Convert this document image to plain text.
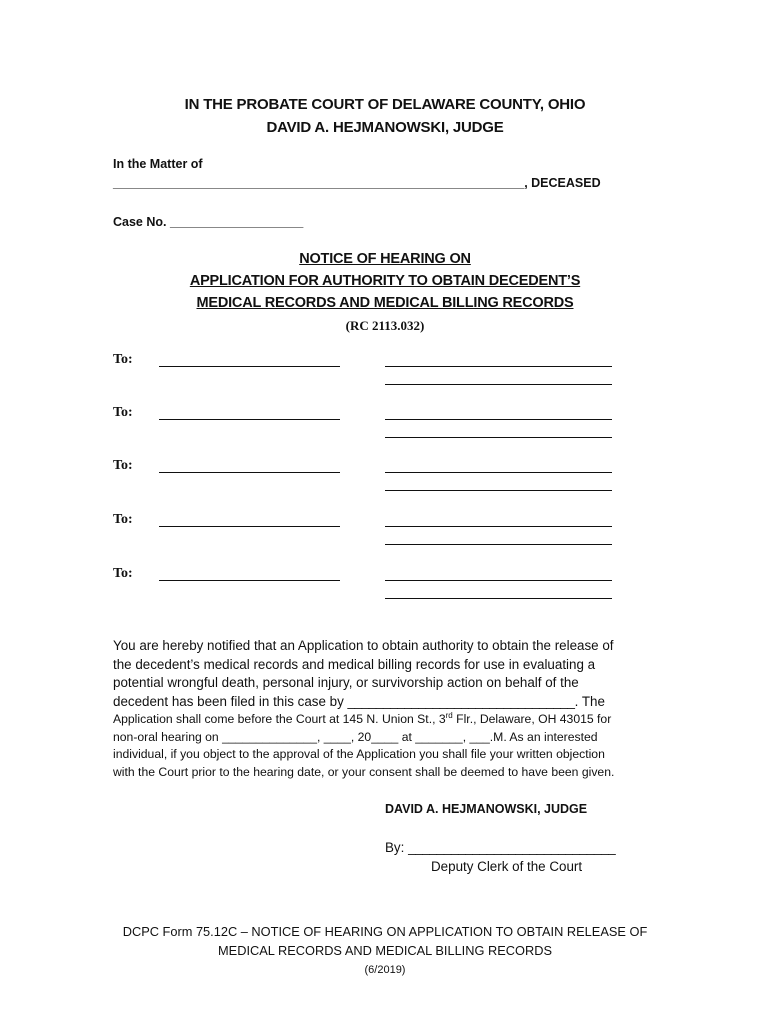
IN THE PROBATE COURT OF DELAWARE COUNTY, OHIO
DAVID A. HEJMANOWSKI, JUDGE
In the Matter of
______________________________________________________________, DECEASED
Case No. ____________________
NOTICE OF HEARING ON
APPLICATION FOR AUTHORITY TO OBTAIN DECEDENT’S
MEDICAL RECORDS AND MEDICAL BILLING RECORDS
(RC 2113.032)
To:
To:
To:
To:
To:
You are hereby notified that an Application to obtain authority to obtain the release of
the decedent’s medical records and medical billing records for use in evaluating a
potential wrongful death, personal injury, or survivorship action on behalf of the
decedent has been filed in this case by ________________________________. The
Application shall come before the Court at 145 N. Union St., 3rd Flr., Delaware, OH 43015 for
non-oral hearing on ______________, ____, 20____ at _______, ___.M. As an interested
individual, if you object to the approval of the Application you shall file your written objection
with the Court prior to the hearing date, or your consent shall be deemed to have been given.
DAVID A. HEJMANOWSKI, JUDGE
By: _____________________________
Deputy Clerk of the Court
DCPC Form 75.12C – NOTICE OF HEARING ON APPLICATION TO OBTAIN RELEASE OF
MEDICAL RECORDS AND MEDICAL BILLING RECORDS
(6/2019)
